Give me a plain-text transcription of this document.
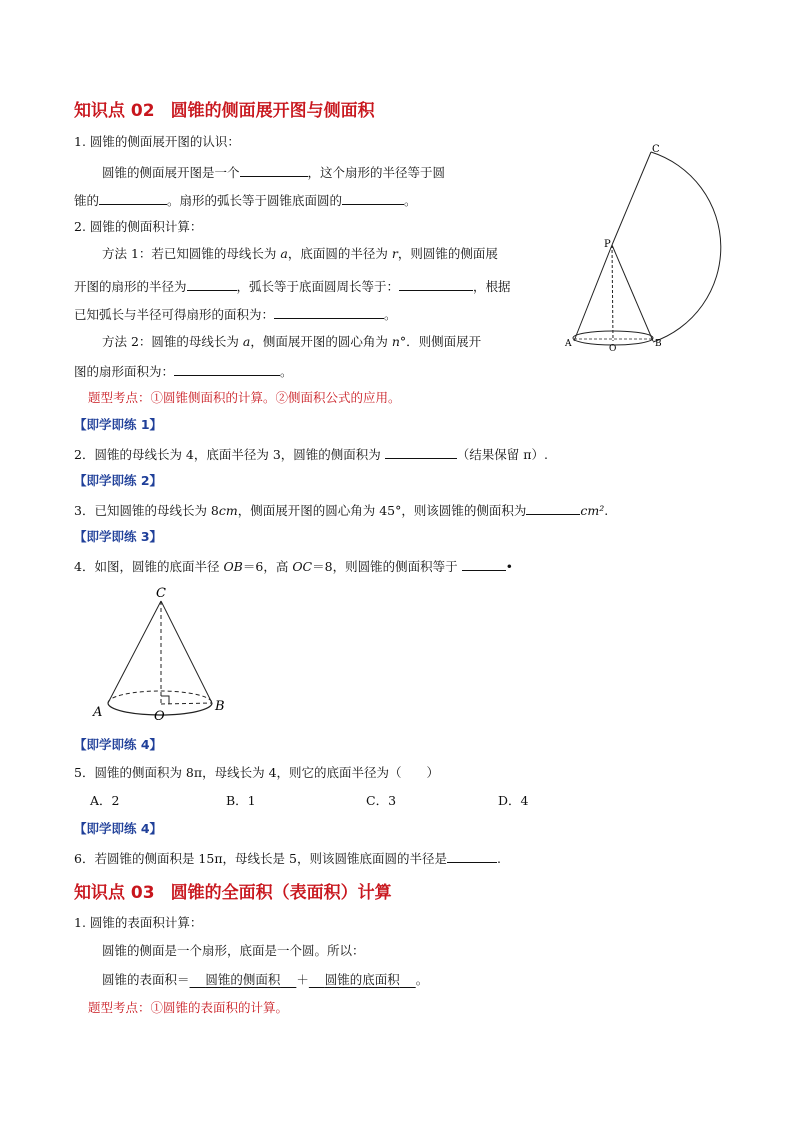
知识点 02 圆锥的侧面展开图与侧面积
1. 圆锥的侧面展开图的认识：
圆锥的侧面展开图是一个	，这个扇形的半径等于圆
锥的	。扇形的弧长等于圆锥底面圆的	。
2. 圆锥的侧面积计算：
方法 1：若已知圆锥的母线长为 a，底面圆的半径为 r，则圆锥的侧面展
开图的扇形的半径为	，弧长等于底面圆周长等于：	，根据
已知弧长与半径可得扇形的面积为：	。
方法 2：圆锥的母线长为 a，侧面展开图的圆心角为 n°．则侧面展开
图的扇形面积为：	。
题型考点：①圆锥侧面积的计算。②侧面积公式的应用。
C
P
A	O	B
【即学即练 1】
2．圆锥的母线长为 4，底面半径为 3，圆锥的侧面积为	（结果保留 π）.
【即学即练 2】
3．已知圆锥的母线长为 8cm，侧面展开图的圆心角为 45°，则该圆锥的侧面积为	cm².
【即学即练 3】
4．如图，圆锥的底面半径 OB＝6，高 OC＝8，则圆锥的侧面积等于	•
C
A	O
B
【即学即练 4】
5．圆锥的侧面积为 8π，母线长为 4，则它的底面半径为（　　）
A．2	B．1	C．3	D．4
【即学即练 4】
6．若圆锥的侧面积是 15π，母线长是 5，则该圆锥底面圆的半径是	.
知识点 03 圆锥的全面积（表面积）计算
1. 圆锥的表面积计算：
圆锥的侧面是一个扇形，底面是一个圆。所以：
圆锥的表面积＝ 圆锥的侧面积 ＋ 圆锥的底面积 。
题型考点：①圆锥的表面积的计算。
